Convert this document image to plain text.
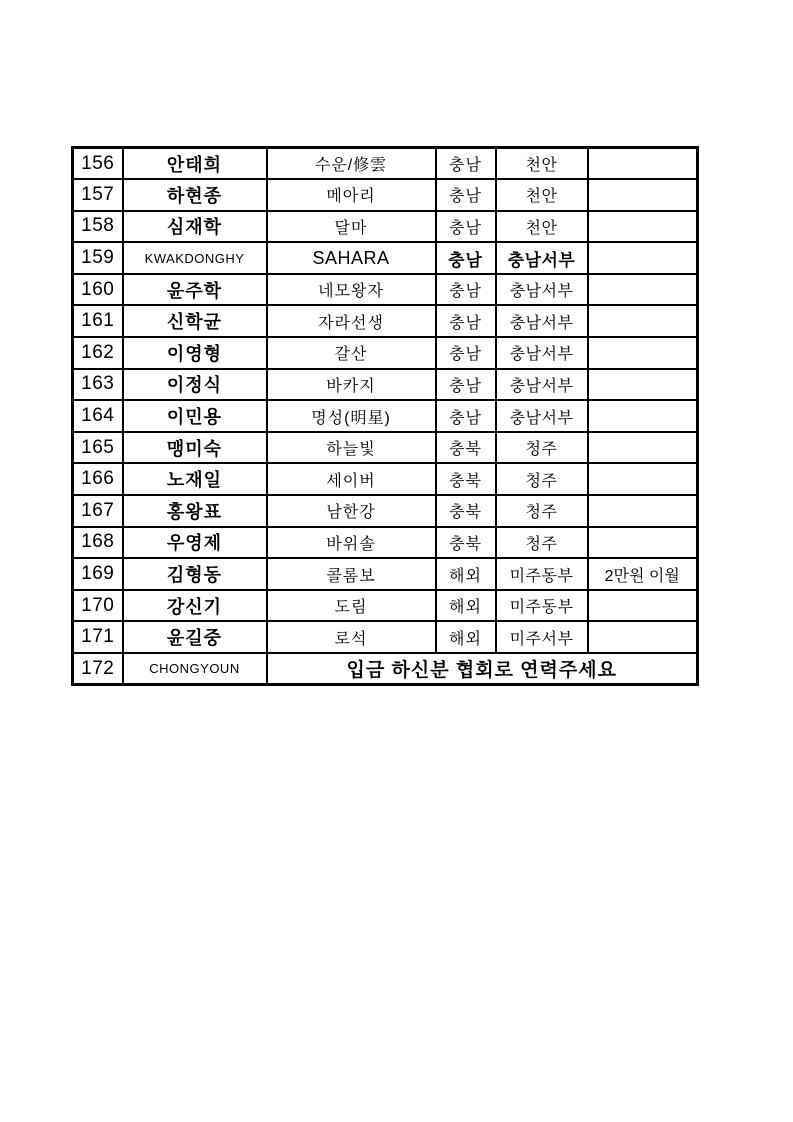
156	안태희	수운/修雲	충남	천안	
157	하현종	메아리	충남	천안	
158	심재학	달마	충남	천안	
159	KWAKDONGHY	SAHARA	충남	충남서부	
160	윤주학	네모왕자	충남	충남서부	
161	신학균	자라선생	충남	충남서부	
162	이영형	갈산	충남	충남서부	
163	이정식	바카지	충남	충남서부	
164	이민용	명성(明星)	충남	충남서부	
165	맹미숙	하늘빛	충북	청주	
166	노재일	세이버	충북	청주	
167	홍왕표	남한강	충북	청주	
168	우영제	바위솔	충북	청주	
169	김형동	콜롬보	해외	미주동부	2만원 이월
170	강신기	도림	해외	미주동부	
171	윤길중	로석	해외	미주서부	
172	CHONGYOUN	입금 하신분 협회로 연력주세요			
